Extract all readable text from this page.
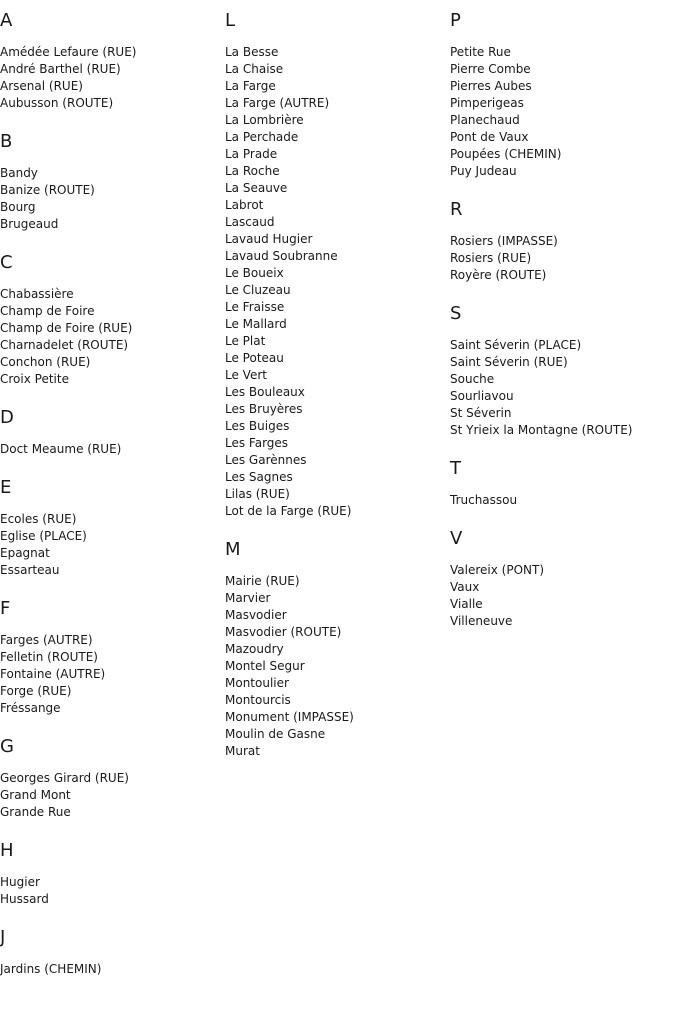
A
Amédée Lefaure (RUE)
André Barthel (RUE)
Arsenal (RUE)
Aubusson (ROUTE)
B
Bandy
Banize (ROUTE)
Bourg
Brugeaud
C
Chabassière
Champ de Foire
Champ de Foire (RUE)
Charnadelet (ROUTE)
Conchon (RUE)
Croix Petite
D
Doct Meaume (RUE)
E
Ecoles (RUE)
Eglise (PLACE)
Epagnat
Essarteau
F
Farges (AUTRE)
Felletin (ROUTE)
Fontaine (AUTRE)
Forge (RUE)
Fréssange
G
Georges Girard (RUE)
Grand Mont
Grande Rue
H
Hugier
Hussard
J
Jardins (CHEMIN)
L
La Besse
La Chaise
La Farge
La Farge (AUTRE)
La Lombrière
La Perchade
La Prade
La Roche
La Seauve
Labrot
Lascaud
Lavaud Hugier
Lavaud Soubranne
Le Boueix
Le Cluzeau
Le Fraisse
Le Mallard
Le Plat
Le Poteau
Le Vert
Les Bouleaux
Les Bruyères
Les Buiges
Les Farges
Les Garènnes
Les Sagnes
Lilas (RUE)
Lot de la Farge (RUE)
M
Mairie (RUE)
Marvier
Masvodier
Masvodier (ROUTE)
Mazoudry
Montel Segur
Montoulier
Montourcis
Monument (IMPASSE)
Moulin de Gasne
Murat
P
Petite Rue
Pierre Combe
Pierres Aubes
Pimperigeas
Planechaud
Pont de Vaux
Poupées (CHEMIN)
Puy Judeau
R
Rosiers (IMPASSE)
Rosiers (RUE)
Royère (ROUTE)
S
Saint Séverin (PLACE)
Saint Séverin (RUE)
Souche
Sourliavou
St Séverin
St Yrieix la Montagne (ROUTE)
T
Truchassou
V
Valereix (PONT)
Vaux
Vialle
Villeneuve
